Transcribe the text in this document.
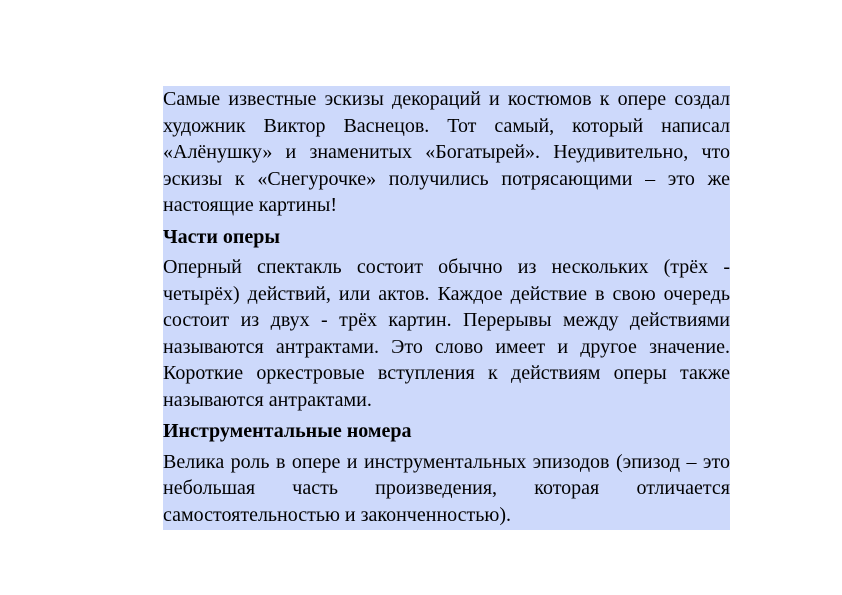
Самые известные эскизы декораций и костюмов к опере создал художник Виктор Васнецов. Тот самый, который написал «Алёнушку» и знаменитых «Богатырей». Неудивительно, что эскизы к «Снегурочке» получились потрясающими – это же настоящие картины!

Части оперы

Оперный спектакль состоит обычно из нескольких (трёх - четырёх) действий, или актов. Каждое действие в свою очередь состоит из двух - трёх картин. Перерывы между действиями называются антрактами. Это слово имеет и другое значение. Короткие оркестровые вступления к действиям оперы также называются антрактами.

Инструментальные номера

Велика роль в опере и инструментальных эпизодов (эпизод – это небольшая часть произведения, которая отличается самостоятельностью и законченностью).
